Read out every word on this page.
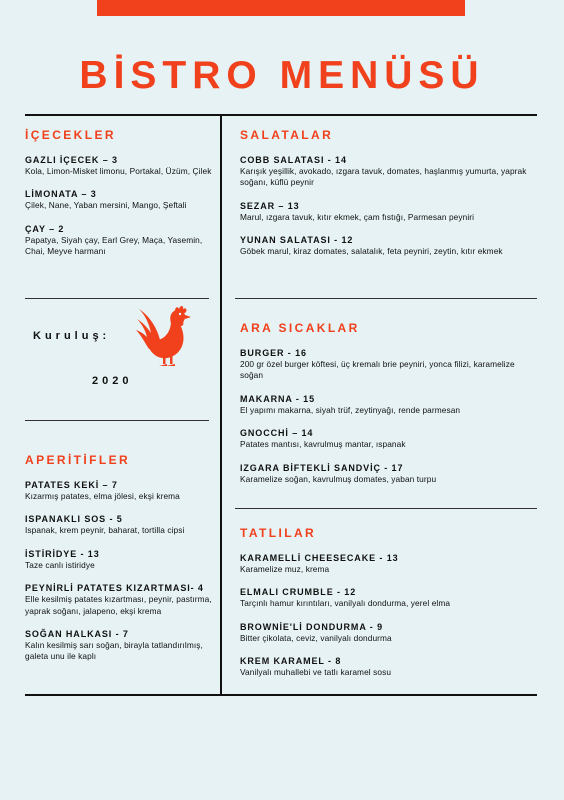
BİSTRO MENÜSÜ
İÇECEKLER
GAZLI İÇECEK – 3
Kola, Limon-Misket limonu, Portakal, Üzüm, Çilek
LİMONATA – 3
Çilek, Nane, Yaban mersini, Mango, Şeftali
ÇAY – 2
Papatya, Siyah çay, Earl Grey, Maça, Yasemin, Chai, Meyve harmanı

Kuruluş:

2020

APERİTİFLER
PATATES KEKİ – 7
Kızarmış patates, elma jölesi, ekşi krema
ISPANAKLI SOS - 5
Ispanak, krem peynir, baharat, tortilla cipsi
İSTİRİDYE - 13
Taze canlı istiridye
PEYNİRLİ PATATES KIZARTMASI- 4
Elle kesilmiş patates kızartması, peynir, pastırma, yaprak soğanı, jalapeno, ekşi krema
SOĞAN HALKASI - 7
Kalın kesilmiş sarı soğan, birayla tatlandırılmış, galeta unu ile kaplı
SALATALAR
COBB SALATASI - 14
Karışık yeşillik, avokado, ızgara tavuk, domates, haşlanmış yumurta, yaprak soğanı, küflü peynir
SEZAR – 13
Marul, ızgara tavuk, kıtır ekmek, çam fıstığı, Parmesan peyniri
YUNAN SALATASI - 12
Göbek marul, kiraz domates, salatalık, feta peyniri, zeytin, kıtır ekmek
ARA SICAKLAR
BURGER - 16
200 gr özel burger köftesi, üç kremalı brie peyniri, yonca filizi, karamelize soğan
MAKARNA - 15
El yapımı makarna, siyah trüf, zeytinyağı, rende parmesan
GNOCCHİ – 14
Patates mantısı, kavrulmuş mantar, ıspanak
IZGARA BİFTEKLİ SANDVİÇ - 17
Karamelize soğan, kavrulmuş domates, yaban turpu
TATLILAR
KARAMELLİ CHEESECAKE - 13
Karamelize muz, krema
ELMALI CRUMBLE - 12
Tarçınlı hamur kırıntıları, vanilyalı dondurma, yerel elma
BROWNİE'Lİ DONDURMA - 9
Bitter çikolata, ceviz, vanilyalı dondurma
KREM KARAMEL - 8
Vanilyalı muhallebi ve tatlı karamel sosu
